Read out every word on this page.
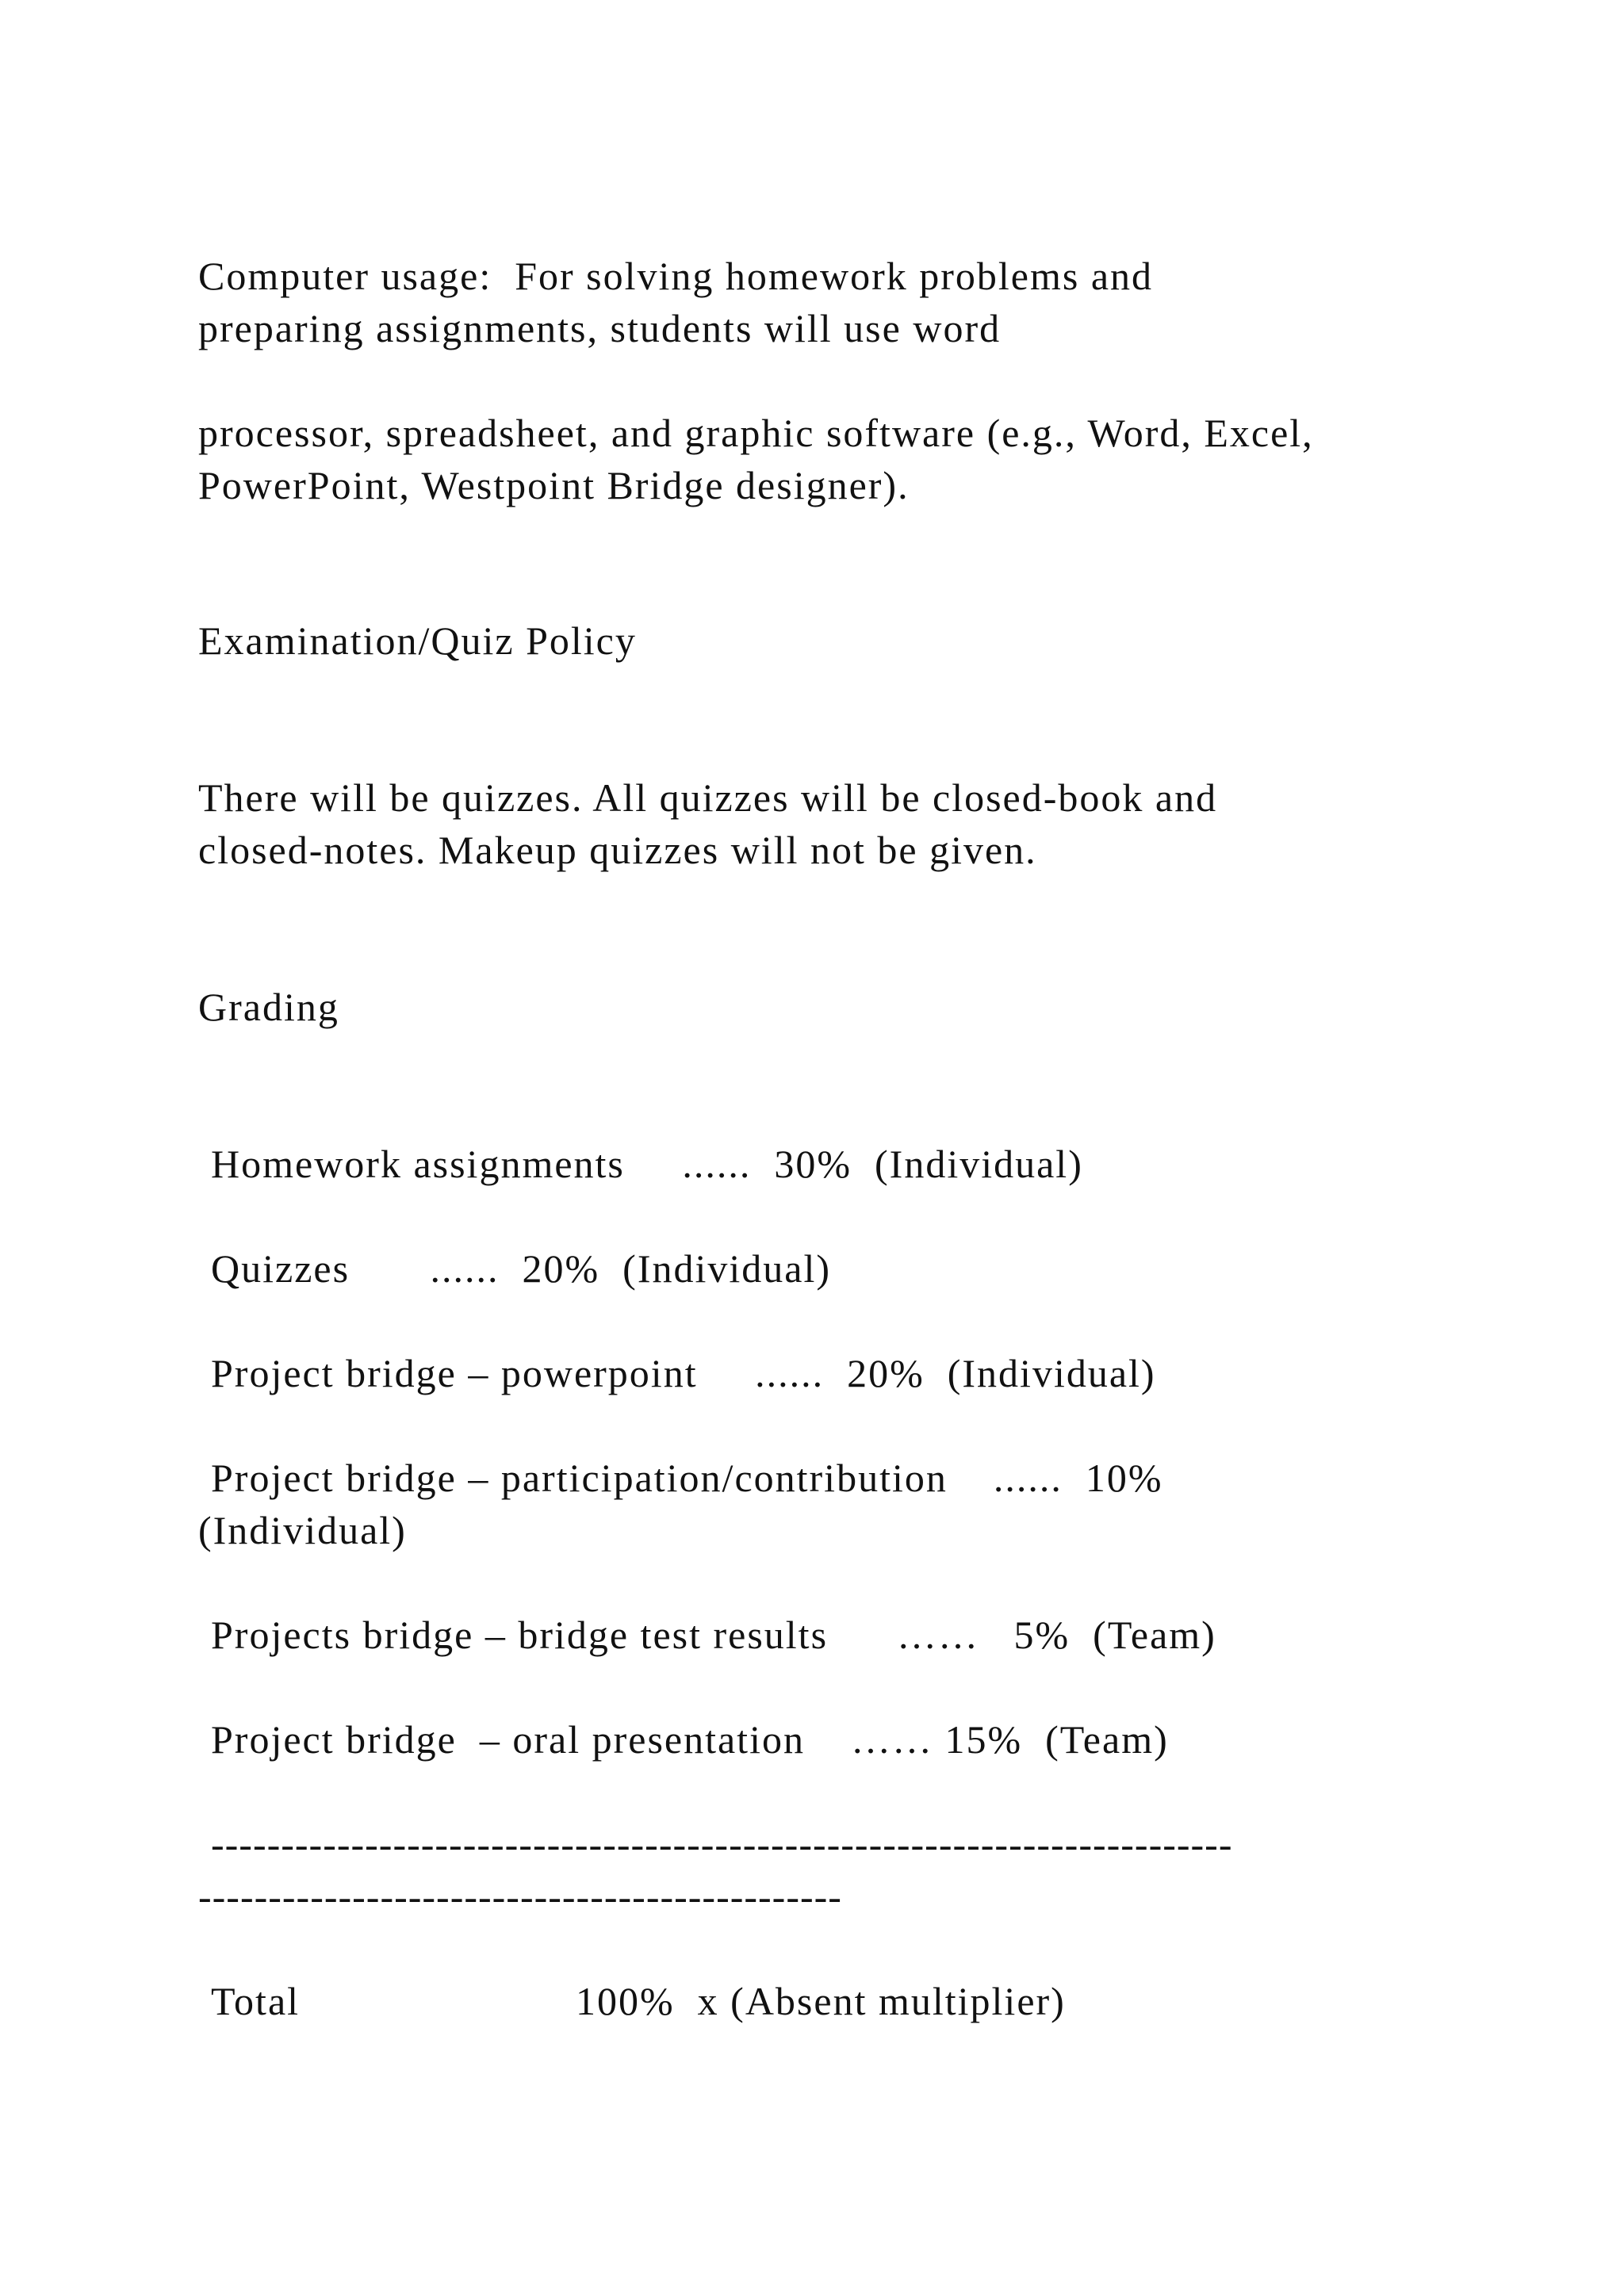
Computer usage:  For solving homework problems and

preparing assignments, students will use word

processor, spreadsheet, and graphic software (e.g., Word, Excel,

PowerPoint, Westpoint Bridge designer).

Examination/Quiz Policy

There will be quizzes. All quizzes will be closed-book and

closed-notes. Makeup quizzes will not be given.

Grading

Homework assignments     ......  30%  (Individual)

Quizzes       ......  20%  (Individual)

Project bridge – powerpoint     ......  20%  (Individual)

Project bridge – participation/contribution    ......  10%

(Individual)

Projects bridge – bridge test results      ……   5%  (Team)

Project bridge  – oral presentation    …… 15%  (Team)

-------------------------------------------------------------------------

----------------------------------------------

Total                        100%  x (Absent multiplier)
